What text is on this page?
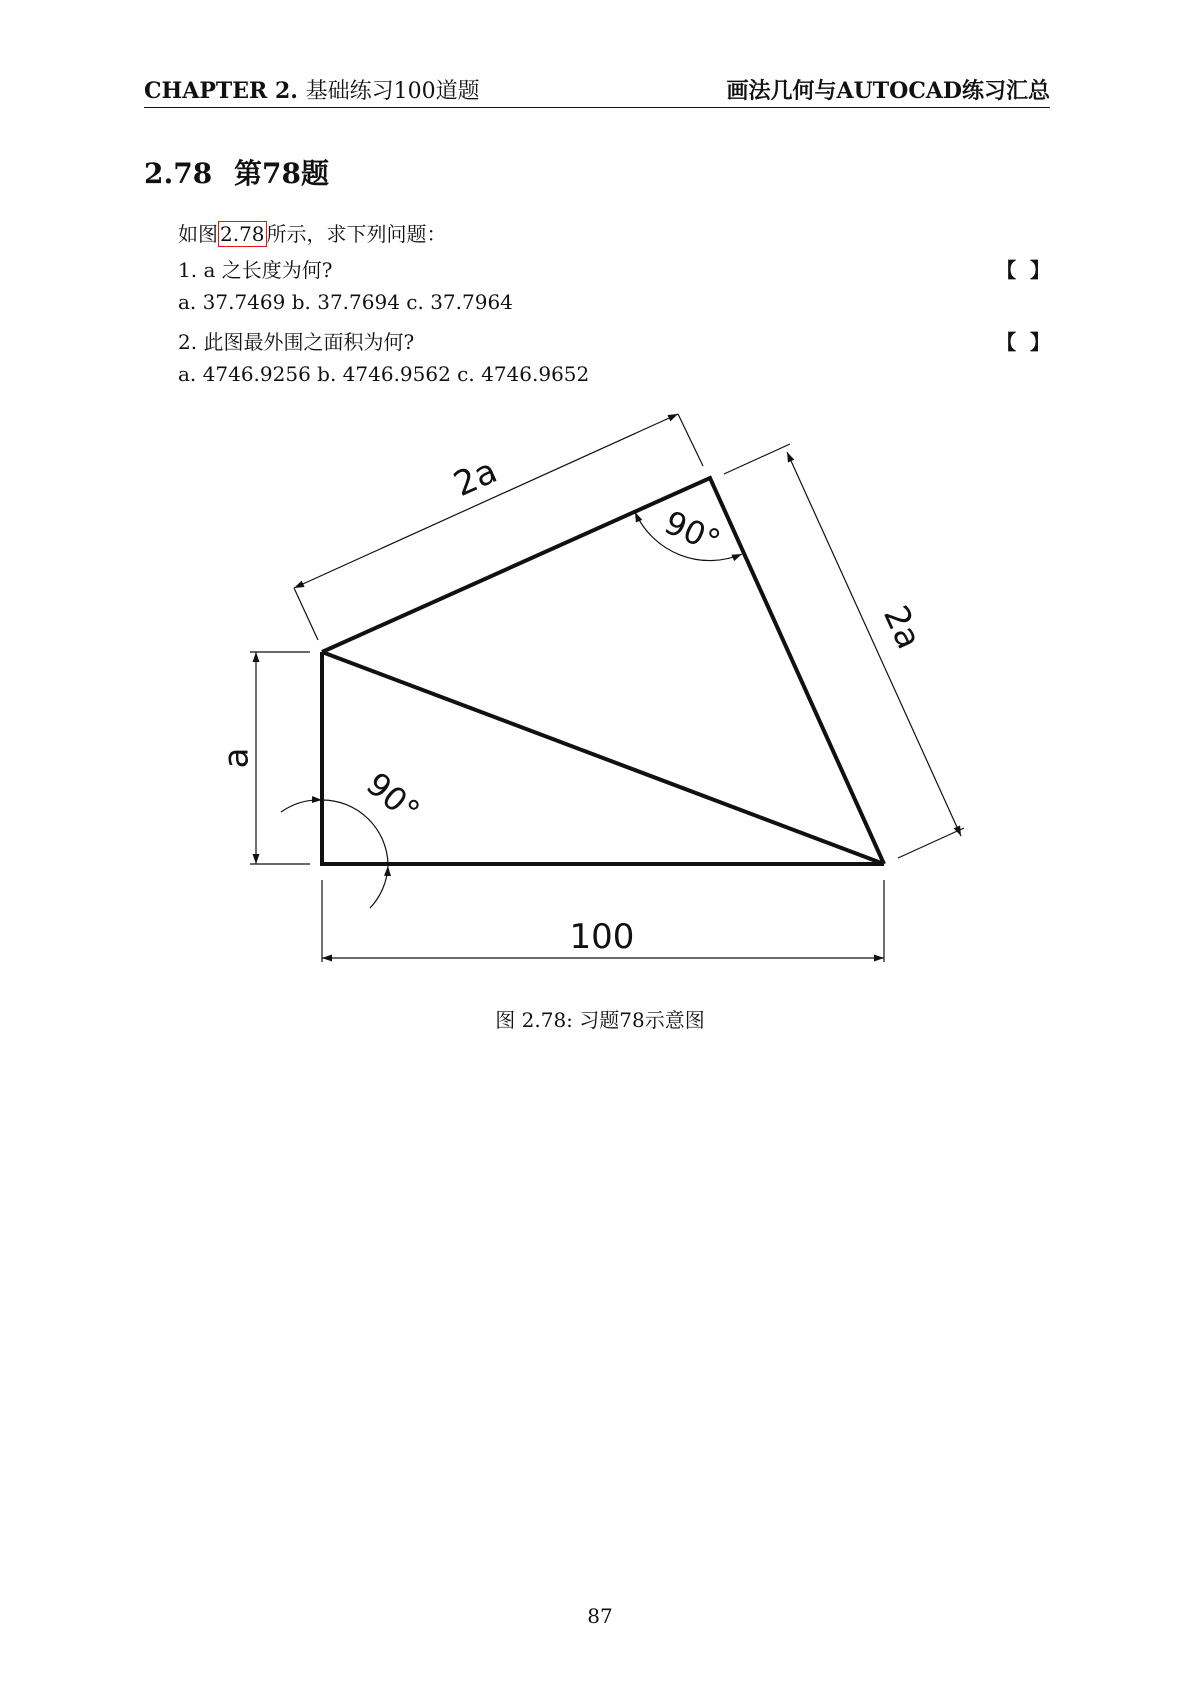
CHAPTER 2. 基础练习100道题	画法几何与AUTOCAD练习汇总
2.78 第78题
如图 2.78 所示，求下列问题：
1. a 之长度为何?	【  】
a. 37.7469 b. 37.7694 c. 37.7964
2. 此图最外围之面积为何?	【  】
a. 4746.9256 b. 4746.9562 c. 4746.9652
2a
2a
a
100
90°
90°
图 2.78: 习题78示意图
87
